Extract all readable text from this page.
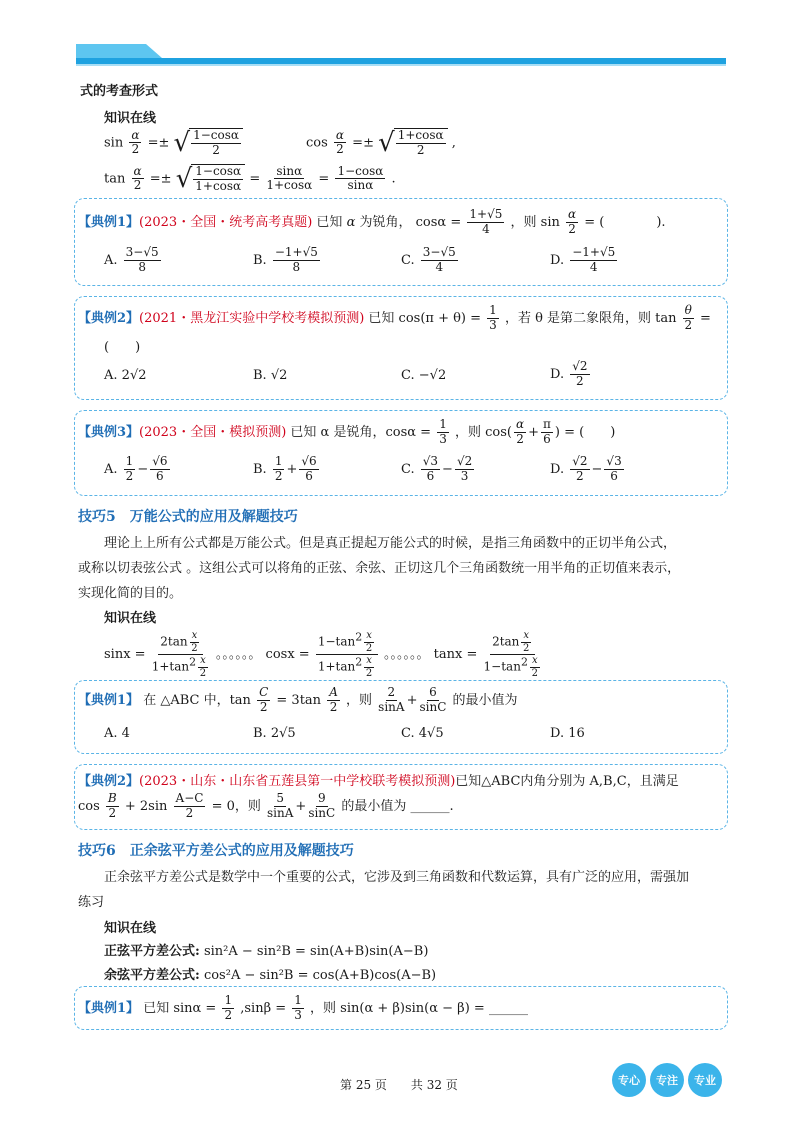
式的考查形式
知识在线
$\sin \frac{\alpha}{2}$ =± √ $\frac{1-\cos\alpha}{2}$	$\cos \frac{\alpha}{2}$ =± √ $\frac{1+\cos\alpha}{2}$ ,
$\tan \frac{\alpha}{2}$ =± √ $\frac{1-\cos\alpha}{1+\cos\alpha} = \frac{\sin\alpha}{1+\cos\alpha} = \frac{1-\cos\alpha}{\sin\alpha}$ .
【典例1】(2023・全国・统考高考真题) 已知 α 为锐角， $\cos\alpha = \frac{1+√5}{4}$ ，则 $\sin \frac{\alpha}{2}$ = (　　　　).
A. $\frac{3-√5}{8}$	B. $\frac{-1+√5}{8}$	C. $\frac{3-√5}{4}$	D. $\frac{-1+√5}{4}$
【典例2】(2021・黑龙江实验中学校考模拟预测) 已知 $\cos(\pi + \theta) = \frac{1}{3}$ ，若 θ 是第二象限角，则 $\tan \frac{\theta}{2}$ =
(　　)
A. 2√2	B. √2	C. −√2	D. $\frac{√2}{2}$
【典例3】(2023・全国・模拟预测) 已知 α 是锐角，$\cos\alpha = \frac{1}{3}$ ，则 $\cos( \frac{\alpha}{2} + \frac{\pi}{6}$ ) = (　　)
A. $\frac{1}{2} - \frac{√6}{6}$	B. $\frac{1}{2} + \frac{√6}{6}$	C. $\frac{√3}{6} - \frac{√2}{3}$	D. $\frac{√2}{2} - \frac{√3}{6}$
技巧5　万能公式的应用及解题技巧
理论上上所有公式都是万能公式。但是真正提起万能公式的时候，是指三角函数中的正切半角公式，
或称以切表弦公式 。这组公式可以将角的正弦、余弦、正切这几个三角函数统一用半角的正切值来表示，
实现化简的目的。
知识在线
$\sin x = \frac{2\tan \frac{x}{2}}{1+\tan^2 \frac{x}{2}}$ 。。。。。。 $\cos x = \frac{1-\tan^2 \frac{x}{2}}{1+\tan^2 \frac{x}{2}}$ 。。。。。。 $\tan x = \frac{2\tan \frac{x}{2}}{1-\tan^2 \frac{x}{2}}$
【典例1】 在 △ABC 中，$\tan \frac{C}{2} = 3\tan \frac{A}{2}$ ，则 $\frac{2}{\sin A} + \frac{6}{\sin C}$ 的最小值为
A. 4	B. 2√5	C. 4√5	D. 16
【典例2】(2023・山东・山东省五莲县第一中学校联考模拟预测)已知△ABC内角分别为 A,B,C，且满足
$\cos \frac{B}{2} + 2\sin \frac{A-C}{2} = 0$，则 $\frac{5}{\sin A} + \frac{9}{\sin C}$ 的最小值为 ______.
技巧6　正余弦平方差公式的应用及解题技巧
正余弦平方差公式是数学中一个重要的公式，它涉及到三角函数和代数运算，具有广泛的应用，需强加
练习
知识在线
正弦平方差公式: sin²A − sin²B = sin(A+B)sin(A−B)
余弦平方差公式: cos²A − sin²B = cos(A+B)cos(A−B)
【典例1】 已知 $\sin\alpha = \frac{1}{2} ,\sin\beta = \frac{1}{3}$ ，则 sin(α + β)sin(α − β) = ______
第 25 页　　共 32 页	专心	专注	专业
